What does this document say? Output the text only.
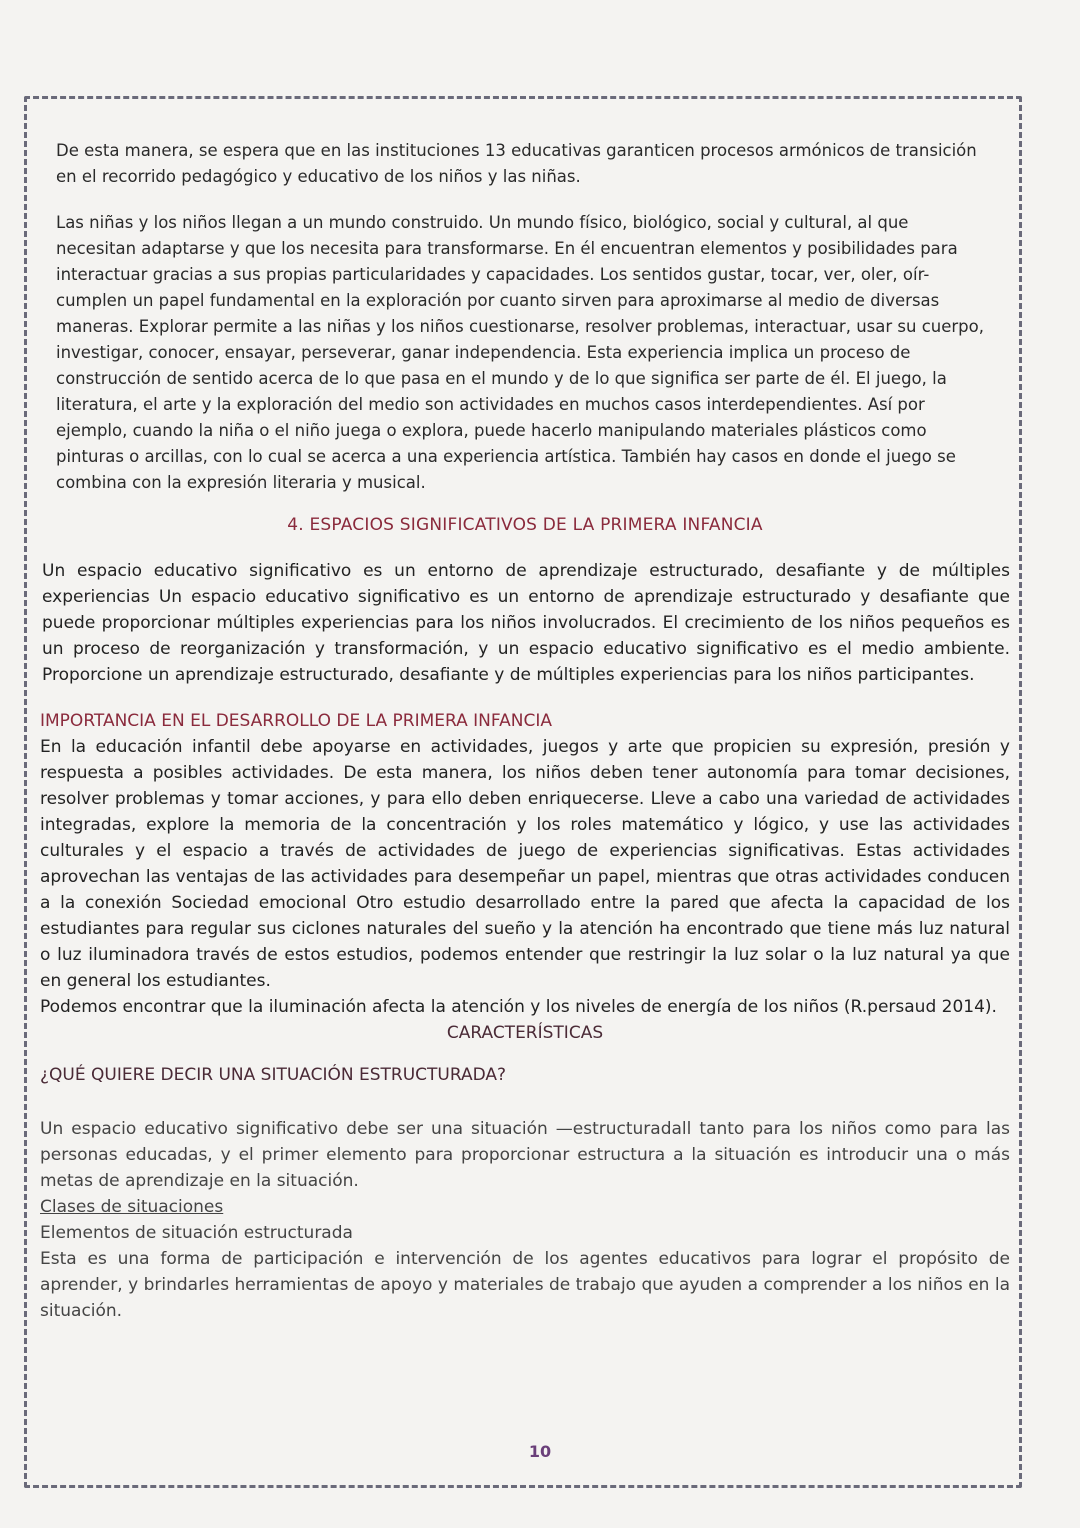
De esta manera, se espera que en las instituciones 13 educativas garanticen procesos armónicos de transición en el recorrido pedagógico y educativo de los niños y las niñas.

Las niñas y los niños llegan a un mundo construido. Un mundo físico, biológico, social y cultural, al que necesitan adaptarse y que los necesita para transformarse. En él encuentran elementos y posibilidades para interactuar gracias a sus propias particularidades y capacidades. Los sentidos gustar, tocar, ver, oler, oír- cumplen un papel fundamental en la exploración por cuanto sirven para aproximarse al medio de diversas maneras. Explorar permite a las niñas y los niños cuestionarse, resolver problemas, interactuar, usar su cuerpo, investigar, conocer, ensayar, perseverar, ganar independencia. Esta experiencia implica un proceso de construcción de sentido acerca de lo que pasa en el mundo y de lo que significa ser parte de él. El juego, la literatura, el arte y la exploración del medio son actividades en muchos casos interdependientes. Así por ejemplo, cuando la niña o el niño juega o explora, puede hacerlo manipulando materiales plásticos como pinturas o arcillas, con lo cual se acerca a una experiencia artística. También hay casos en donde el juego se combina con la expresión literaria y musical.

4. ESPACIOS SIGNIFICATIVOS DE LA PRIMERA INFANCIA

Un espacio educativo significativo es un entorno de aprendizaje estructurado, desafiante y de múltiples experiencias Un espacio educativo significativo es un entorno de aprendizaje estructurado y desafiante que puede proporcionar múltiples experiencias para los niños involucrados. El crecimiento de los niños pequeños es un proceso de reorganización y transformación, y un espacio educativo significativo es el medio ambiente. Proporcione un aprendizaje estructurado, desafiante y de múltiples experiencias para los niños participantes.

IMPORTANCIA EN EL DESARROLLO DE LA PRIMERA INFANCIA

En la educación infantil debe apoyarse en actividades, juegos y arte que propicien su expresión, presión y respuesta a posibles actividades. De esta manera, los niños deben tener autonomía para tomar decisiones, resolver problemas y tomar acciones, y para ello deben enriquecerse. Lleve a cabo una variedad de actividades integradas, explore la memoria de la concentración y los roles matemático y lógico, y use las actividades culturales y el espacio a través de actividades de juego de experiencias significativas. Estas actividades aprovechan las ventajas de las actividades para desempeñar un papel, mientras que otras actividades conducen a la conexión Sociedad emocional Otro estudio desarrollado entre la pared que afecta la capacidad de los estudiantes para regular sus ciclones naturales del sueño y la atención ha encontrado que tiene más luz natural o luz iluminadora través de estos estudios, podemos entender que restringir la luz solar o la luz natural ya que en general los estudiantes.

Podemos encontrar que la iluminación afecta la atención y los niveles de energía de los niños (R.persaud 2014).

CARACTERÍSTICAS

¿QUÉ QUIERE DECIR UNA SITUACIÓN ESTRUCTURADA?

Un espacio educativo significativo debe ser una situación —estructuradall tanto para los niños como para las personas educadas, y el primer elemento para proporcionar estructura a la situación es introducir una o más metas de aprendizaje en la situación.

Clases de situaciones

Elementos de situación estructurada

Esta es una forma de participación e intervención de los agentes educativos para lograr el propósito de aprender, y brindarles herramientas de apoyo y materiales de trabajo que ayuden a comprender a los niños en la situación.

10
